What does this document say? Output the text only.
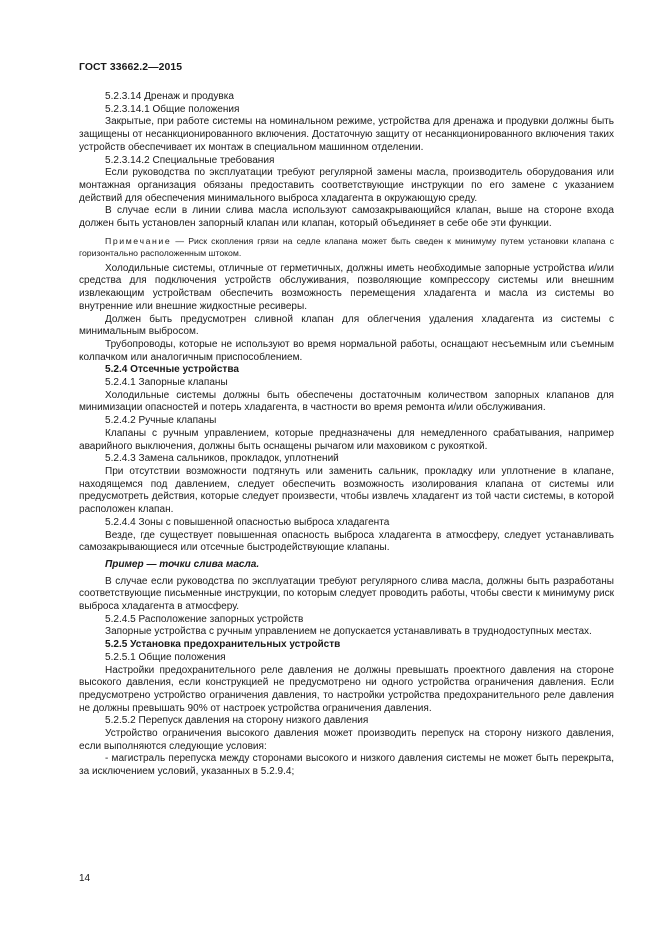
ГОСТ 33662.2—2015

5.2.3.14 Дренаж и продувка

5.2.3.14.1 Общие положения

Закрытые, при работе системы на номинальном режиме, устройства для дренажа и продувки должны быть защищены от несанкционированного включения. Достаточную защиту от несанкционированного включения таких устройств обеспечивает их монтаж в специальном машинном отделении.

5.2.3.14.2 Специальные требования

Если руководства по эксплуатации требуют регулярной замены масла, производитель оборудования или монтажная организация обязаны предоставить соответствующие инструкции по его замене с указанием действий для обеспечения минимального выброса хладагента в окружающую среду.

В случае если в линии слива масла используют самозакрывающийся клапан, выше на стороне входа должен быть установлен запорный клапан или клапан, который объединяет в себе обе эти функции.

Примечание — Риск скопления грязи на седле клапана может быть сведен к минимуму путем установки клапана с горизонтально расположенным штоком.

Холодильные системы, отличные от герметичных, должны иметь необходимые запорные устройства и/или средства для подключения устройств обслуживания, позволяющие компрессору системы или внешним извлекающим устройствам обеспечить возможность перемещения хладагента и масла из системы во внутренние или внешние жидкостные ресиверы.

Должен быть предусмотрен сливной клапан для облегчения удаления хладагента из системы с минимальным выбросом.

Трубопроводы, которые не используют во время нормальной работы, оснащают несъемным или съемным колпачком или аналогичным приспособлением.

5.2.4 Отсечные устройства

5.2.4.1 Запорные клапаны

Холодильные системы должны быть обеспечены достаточным количеством запорных клапанов для минимизации опасностей и потерь хладагента, в частности во время ремонта и/или обслуживания.

5.2.4.2 Ручные клапаны

Клапаны с ручным управлением, которые предназначены для немедленного срабатывания, например аварийного выключения, должны быть оснащены рычагом или маховиком с рукояткой.

5.2.4.3 Замена сальников, прокладок, уплотнений

При отсутствии возможности подтянуть или заменить сальник, прокладку или уплотнение в клапане, находящемся под давлением, следует обеспечить возможность изолирования клапана от системы или предусмотреть действия, которые следует произвести, чтобы извлечь хладагент из той части системы, в которой расположен клапан.

5.2.4.4 Зоны с повышенной опасностью выброса хладагента

Везде, где существует повышенная опасность выброса хладагента в атмосферу, следует устанавливать самозакрывающиеся или отсечные быстродействующие клапаны.

Пример — точки слива масла.

В случае если руководства по эксплуатации требуют регулярного слива масла, должны быть разработаны соответствующие письменные инструкции, по которым следует проводить работы, чтобы свести к минимуму риск выброса хладагента в атмосферу.

5.2.4.5 Расположение запорных устройств

Запорные устройства с ручным управлением не допускается устанавливать в труднодоступных местах.

5.2.5 Установка предохранительных устройств

5.2.5.1 Общие положения

Настройки предохранительного реле давления не должны превышать проектного давления на стороне высокого давления, если конструкцией не предусмотрено ни одного устройства ограничения давления. Если предусмотрено устройство ограничения давления, то настройки устройства предохранительного реле давления не должны превышать 90% от настроек устройства ограничения давления.

5.2.5.2 Перепуск давления на сторону низкого давления

Устройство ограничения высокого давления может производить перепуск на сторону низкого давления, если выполняются следующие условия:

- магистраль перепуска между сторонами высокого и низкого давления системы не может быть перекрыта, за исключением условий, указанных в 5.2.9.4;

14
